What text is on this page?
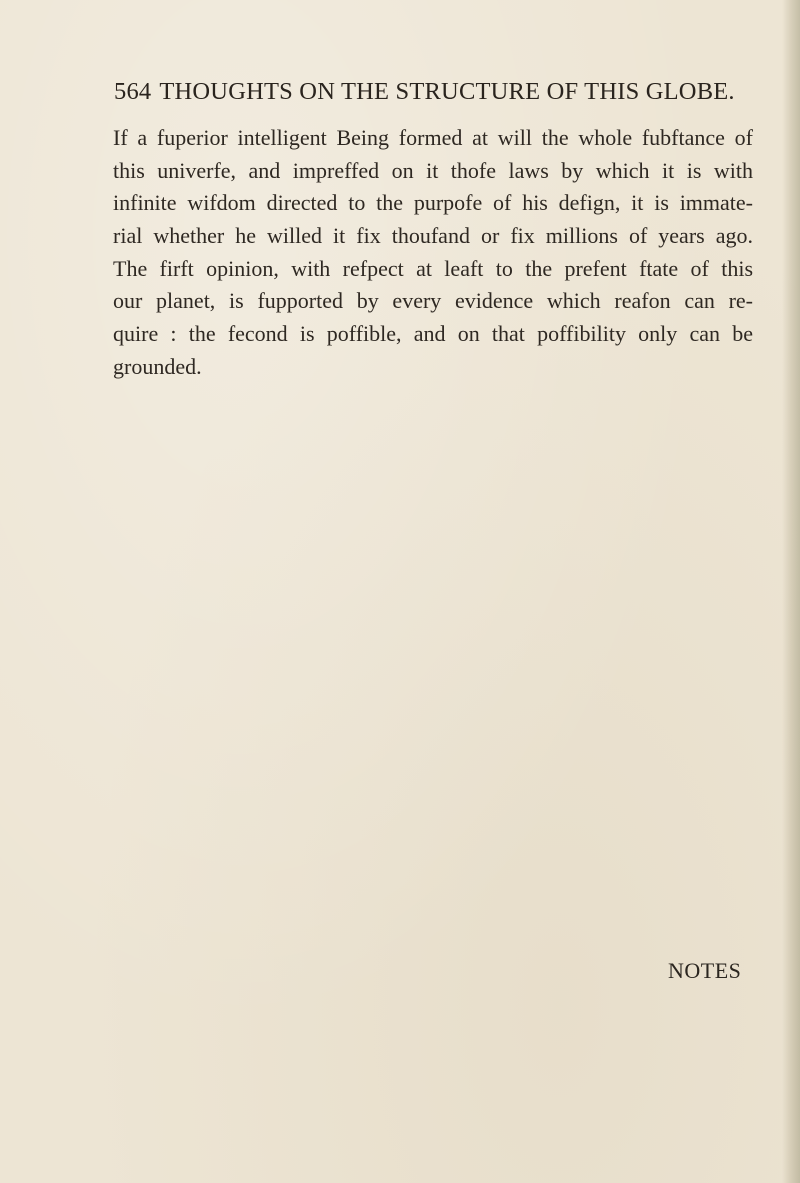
564 THOUGHTS ON THE STRUCTURE OF THIS GLOBE.
If a fuperior intelligent Being formed at will the whole fubftance of
this univerfe, and impreffed on it thofe laws by which it is with
infinite wifdom directed to the purpofe of his defign, it is immate-
rial whether he willed it fix thoufand or fix millions of years ago.
The firft opinion, with refpect at leaft to the prefent ftate of this
our planet, is fupported by every evidence which reafon can re-
quire : the fecond is poffible, and on that poffibility only can be
grounded.

NOTES
